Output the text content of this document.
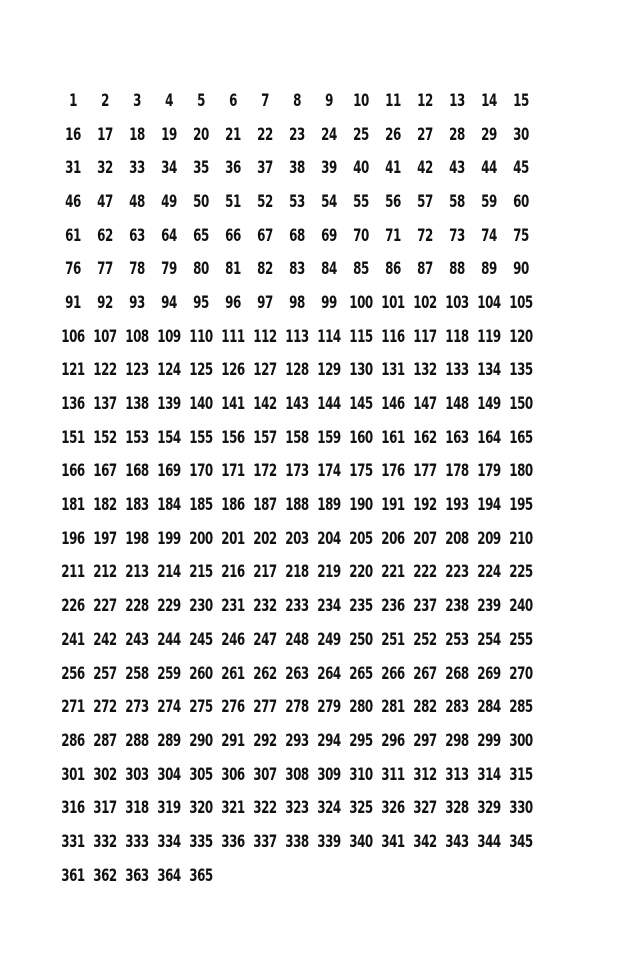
1	2	3	4	5	6	7	8	9	10 11 12 13 14 15
16 17 18 19 20 21 22 23 24 25 26 27 28 29 30
31 32 33 34 35 36 37 38 39 40 41 42 43 44 45
46 47 48 49 50 51 52 53 54 55 56 57 58 59 60
61 62 63 64 65 66 67 68 69 70 71 72 73 74 75
76 77 78 79 80 81 82 83 84 85 86 87 88 89 90
91 92 93 94 95 96 97 98 99 100 101 102 103 104 105
106 107 108 109 110 111 112 113 114 115 116 117 118 119 120
121 122 123 124 125 126 127 128 129 130 131 132 133 134 135
136 137 138 139 140 141 142 143 144 145 146 147 148 149 150
151 152 153 154 155 156 157 158 159 160 161 162 163 164 165
166 167 168 169 170 171 172 173 174 175 176 177 178 179 180
181 182 183 184 185 186 187 188 189 190 191 192 193 194 195
196 197 198 199 200 201 202 203 204 205 206 207 208 209 210
211 212 213 214 215 216 217 218 219 220 221 222 223 224 225
226 227 228 229 230 231 232 233 234 235 236 237 238 239 240
241 242 243 244 245 246 247 248 249 250 251 252 253 254 255
256 257 258 259 260 261 262 263 264 265 266 267 268 269 270
271 272 273 274 275 276 277 278 279 280 281 282 283 284 285
286 287 288 289 290 291 292 293 294 295 296 297 298 299 300
301 302 303 304 305 306 307 308 309 310 311 312 313 314 315
316 317 318 319 320 321 322 323 324 325 326 327 328 329 330
331 332 333 334 335 336 337 338 339 340 341 342 343 344 345
361 362 363 364 365
